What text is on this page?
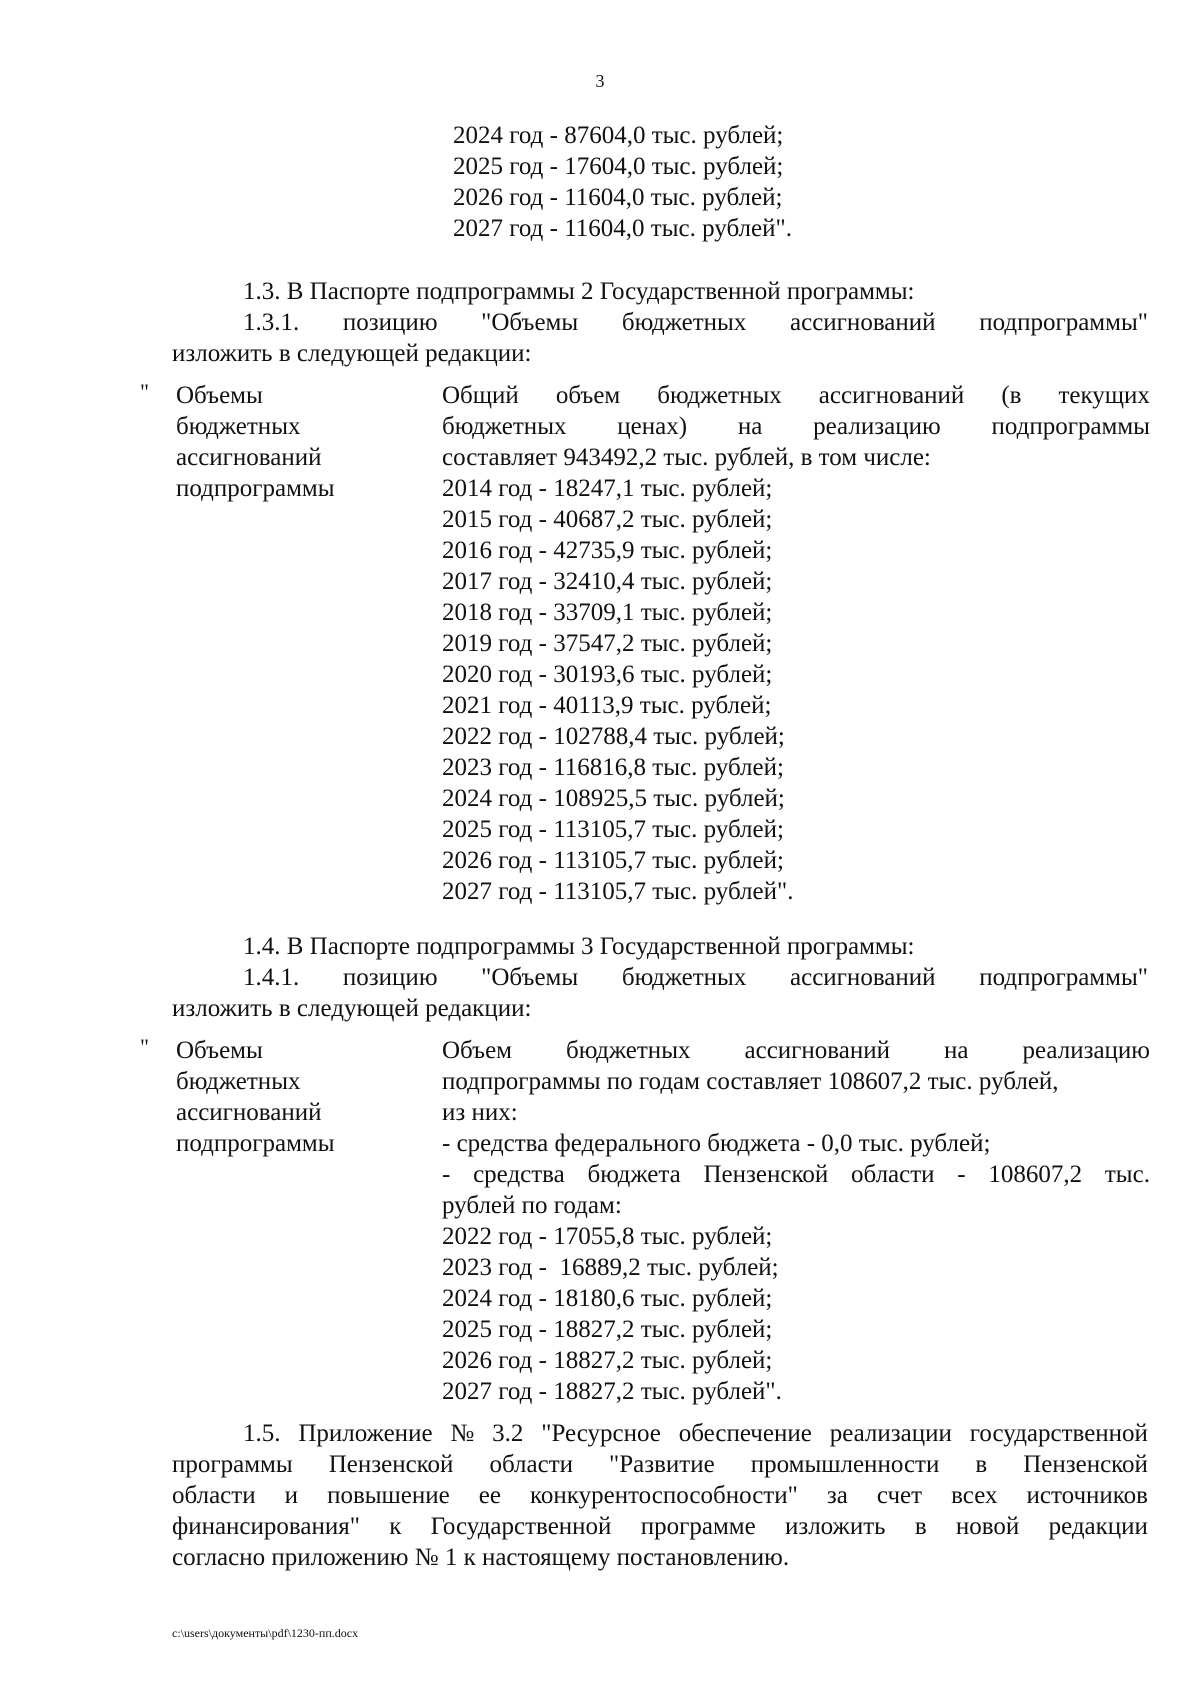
3
2024 год - 87604,0 тыс. рублей;
2025 год - 17604,0 тыс. рублей;
2026 год - 11604,0 тыс. рублей;
2027 год - 11604,0 тыс. рублей".
1.3. В Паспорте подпрограммы 2 Государственной программы:
1.3.1. позицию "Объемы бюджетных ассигнований подпрограммы"
изложить в следующей редакции:
" Объемы
бюджетных
ассигнований
подпрограммы
Общий объем бюджетных ассигнований (в текущих
бюджетных ценах) на реализацию подпрограммы
составляет 943492,2 тыс. рублей, в том числе:
2014 год - 18247,1 тыс. рублей;
2015 год - 40687,2 тыс. рублей;
2016 год - 42735,9 тыс. рублей;
2017 год - 32410,4 тыс. рублей;
2018 год - 33709,1 тыс. рублей;
2019 год - 37547,2 тыс. рублей;
2020 год - 30193,6 тыс. рублей;
2021 год - 40113,9 тыс. рублей;
2022 год - 102788,4 тыс. рублей;
2023 год - 116816,8 тыс. рублей;
2024 год - 108925,5 тыс. рублей;
2025 год - 113105,7 тыс. рублей;
2026 год - 113105,7 тыс. рублей;
2027 год - 113105,7 тыс. рублей".
1.4. В Паспорте подпрограммы 3 Государственной программы:
1.4.1. позицию "Объемы бюджетных ассигнований подпрограммы"
изложить в следующей редакции:
" Объемы
бюджетных
ассигнований
подпрограммы
Объем бюджетных ассигнований на реализацию
подпрограммы по годам составляет 108607,2 тыс. рублей,
из них:
- средства федерального бюджета - 0,0 тыс. рублей;
- средства бюджета Пензенской области - 108607,2 тыс.
рублей по годам:
2022 год - 17055,8 тыс. рублей;
2023 год -  16889,2 тыс. рублей;
2024 год - 18180,6 тыс. рублей;
2025 год - 18827,2 тыс. рублей;
2026 год - 18827,2 тыс. рублей;
2027 год - 18827,2 тыс. рублей".
1.5. Приложение № 3.2 "Ресурсное обеспечение реализации государственной
программы Пензенской области "Развитие промышленности в Пензенской
области и повышение ее конкурентоспособности" за счет всех источников
финансирования" к Государственной программе изложить в новой редакции
согласно приложению № 1 к настоящему постановлению.
c:\users\документы\pdf\1230-пп.docx
